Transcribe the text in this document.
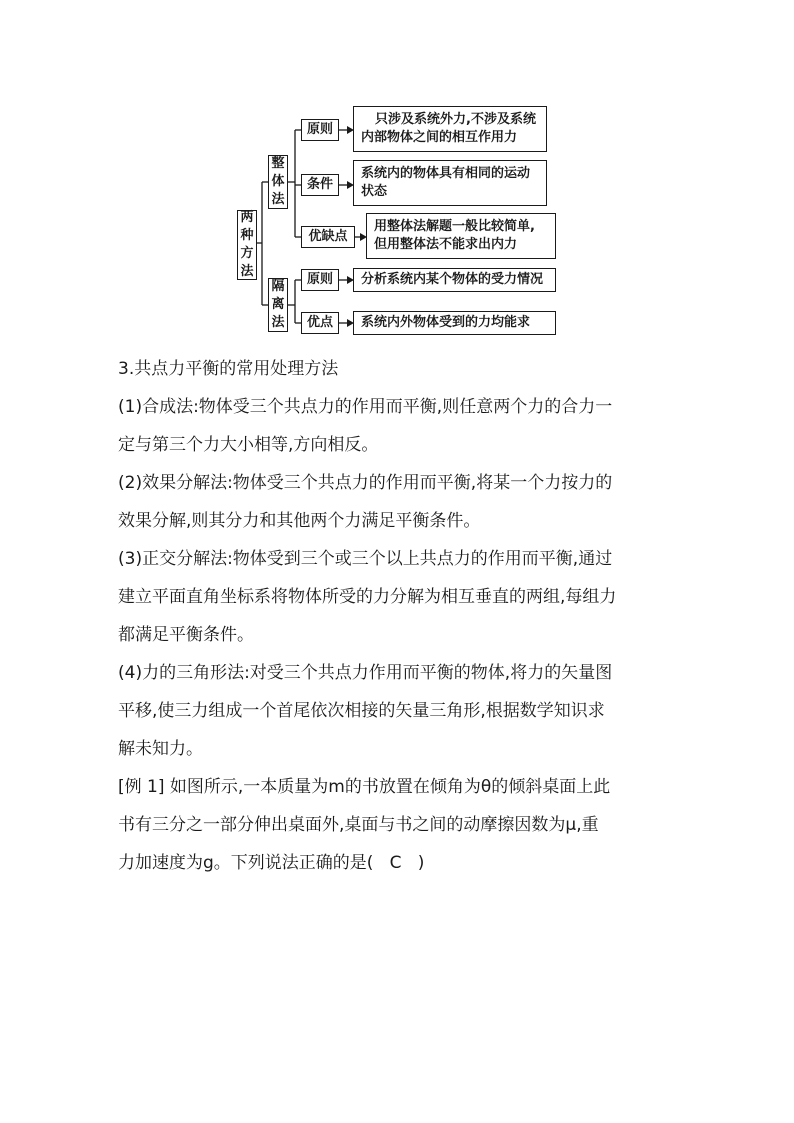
两
种
方
法
整
体
法
隔
离
法
原则
只涉及系统外力,不涉及系统
内部物体之间的相互作用力
条件
系统内的物体具有相同的运动
状态
优缺点
用整体法解题一般比较简单,
但用整体法不能求出内力
原则	分析系统内某个物体的受力情况
优点	系统内外物体受到的力均能求

3.共点力平衡的常用处理方法

(1)合成法:物体受三个共点力的作用而平衡,则任意两个力的合力一

定与第三个力大小相等,方向相反。

(2)效果分解法:物体受三个共点力的作用而平衡,将某一个力按力的

效果分解,则其分力和其他两个力满足平衡条件。

(3)正交分解法:物体受到三个或三个以上共点力的作用而平衡,通过

建立平面直角坐标系将物体所受的力分解为相互垂直的两组,每组力

都满足平衡条件。

(4)力的三角形法:对受三个共点力作用而平衡的物体,将力的矢量图

平移,使三力组成一个首尾依次相接的矢量三角形,根据数学知识求

解未知力。

[例 1] 如图所示,一本质量为m的书放置在倾角为θ的倾斜桌面上此

书有三分之一部分伸出桌面外,桌面与书之间的动摩擦因数为μ,重

力加速度为g。下列说法正确的是(   C   )
